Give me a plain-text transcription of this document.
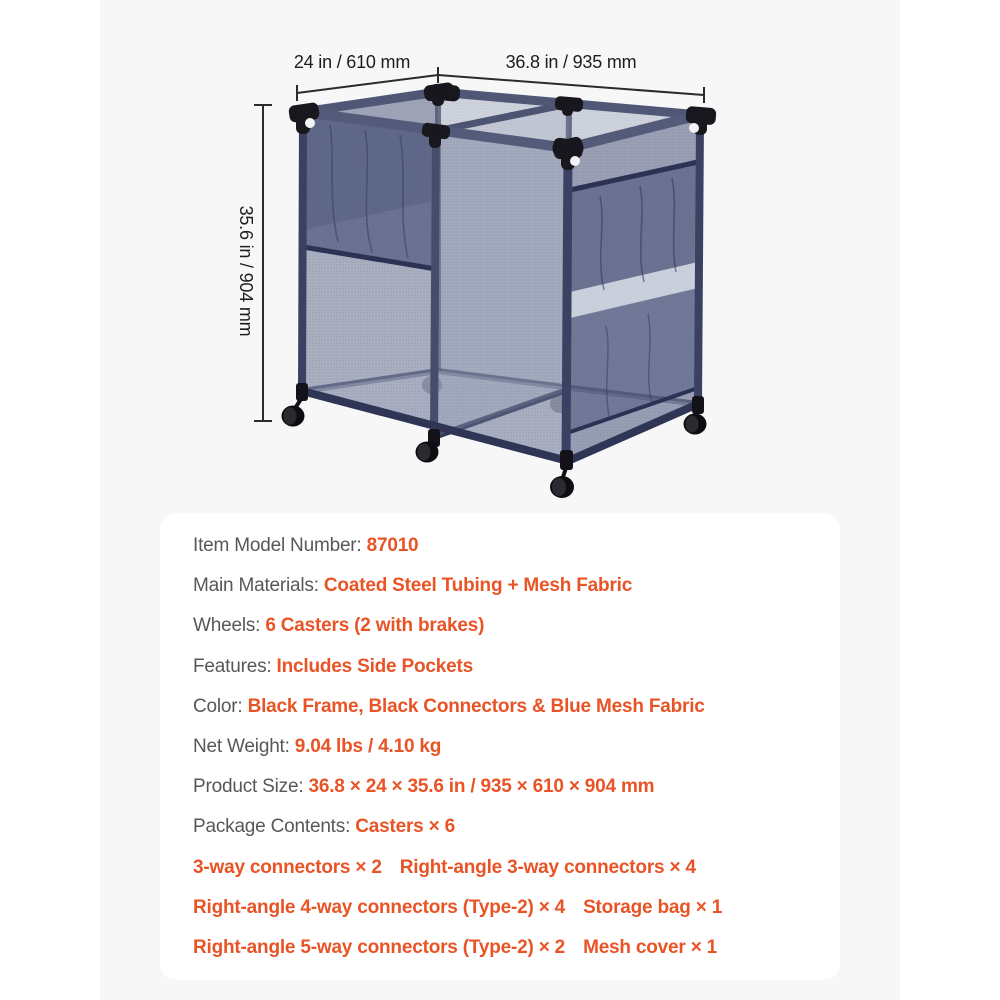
24 in / 610 mm	36.8 in / 935 mm
35.6 in / 904 mm
Item Model Number: 87010
Main Materials: Coated Steel Tubing + Mesh Fabric
Wheels: 6 Casters (2 with brakes)
Features: Includes Side Pockets
Color: Black Frame, Black Connectors & Blue Mesh Fabric
Net Weight: 9.04 lbs / 4.10 kg
Product Size: 36.8 × 24 × 35.6 in / 935 × 610 × 904 mm
Package Contents: Casters × 6
3-way connectors × 2 Right-angle 3-way connectors × 4
Right-angle 4-way connectors (Type-2) × 4 Storage bag × 1
Right-angle 5-way connectors (Type-2) × 2 Mesh cover × 1
